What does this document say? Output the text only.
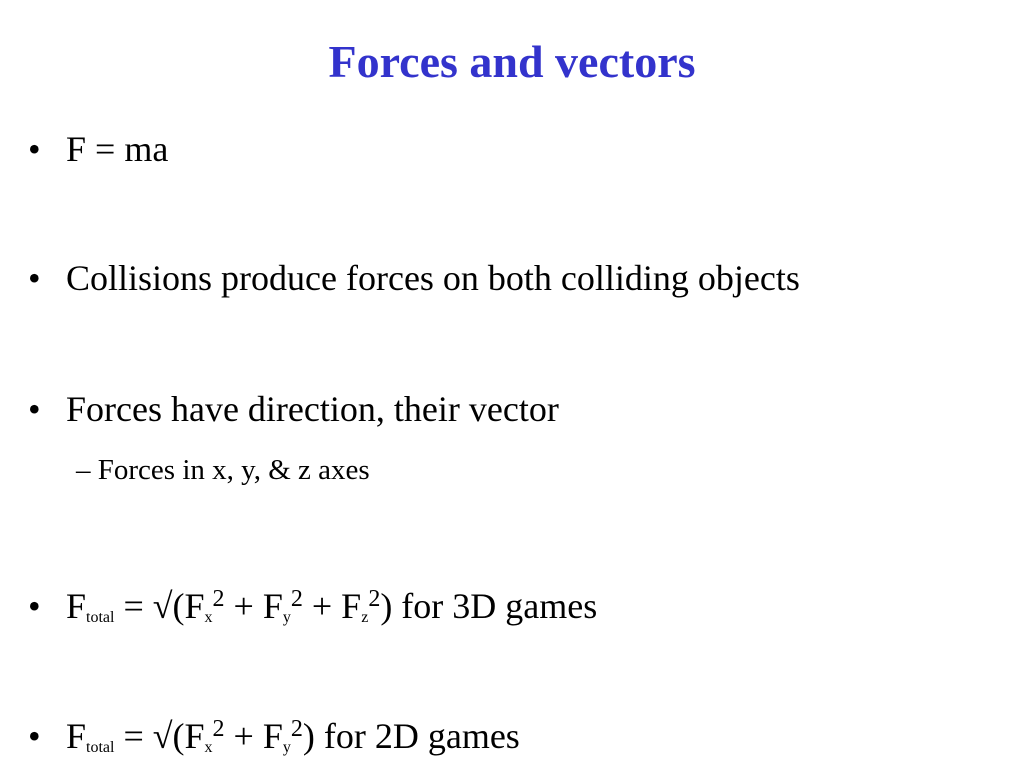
Forces and vectors
• F = ma
• Collisions produce forces on both colliding objects
• Forces have direction, their vector
– Forces in x, y, & z axes
• Ftotal = $√(Fx^2 + Fy^2 + Fz^2)$ for 3D games
• Ftotal = $√(Fx^2 + Fy^2)$ for 2D games
